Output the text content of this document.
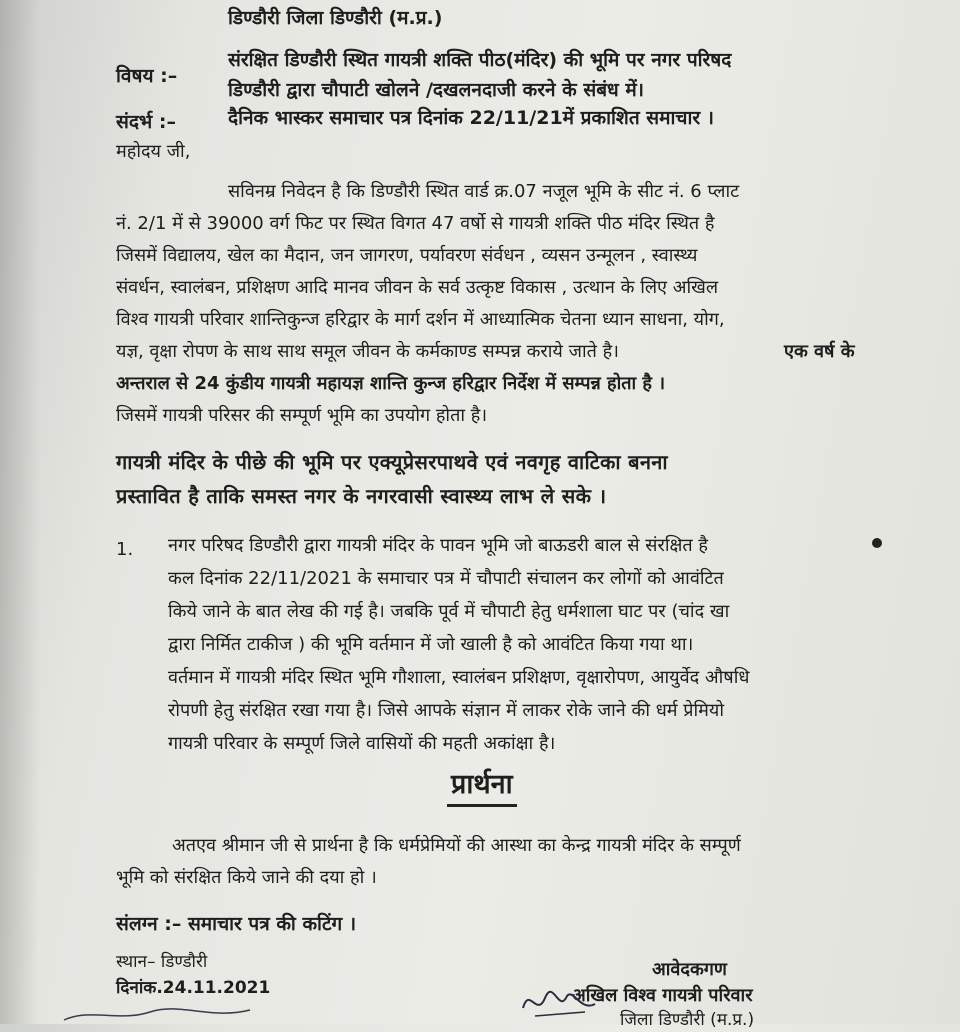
डिण्डौरी जिला डिण्डौरी (म.प्र.)
विषय :–
संरक्षित डिण्डौरी स्थित गायत्री शक्ति पीठ(मंदिर) की भूमि पर नगर परिषद
डिण्डौरी द्वारा चौपाटी खोलने /दखलनदाजी करने के संबंध में।
संदर्भ :–	दैनिक भास्कर समाचार पत्र दिनांक 22/11/21में प्रकाशित समाचार ।
महोदय जी,
सविनम्र निवेदन है कि डिण्डौरी स्थित वार्ड क्र.07 नजूल भूमि के सीट नं. 6 प्लाट
नं. 2/1 में से 39000 वर्ग फिट पर स्थित विगत 47 वर्षो से गायत्री शक्ति पीठ मंदिर स्थित है
जिसमें विद्यालय, खेल का मैदान, जन जागरण, पर्यावरण संर्वधन , व्यसन उन्मूलन , स्वास्थ्य
संवर्धन, स्वालंबन, प्रशिक्षण आदि मानव जीवन के सर्व उत्कृष्ट विकास , उत्थान के लिए अखिल
विश्व गायत्री परिवार शान्तिकुन्ज हरिद्वार के मार्ग दर्शन में आध्यात्मिक चेतना ध्यान साधना, योग,
यज्ञ, वृक्षा रोपण के साथ साथ समूल जीवन के कर्मकाण्ड सम्पन्न कराये जाते है।	एक वर्ष के
अन्तराल से 24 कुंडीय गायत्री महायज्ञ शान्ति कुन्ज हरिद्वार निर्देश में सम्पन्न होता है ।
जिसमें गायत्री परिसर की सम्पूर्ण भूमि का उपयोग होता है।
गायत्री मंदिर के पीछे की भूमि पर एक्यूप्रेसरपाथवे एवं नवगृह वाटिका बनना
प्रस्तावित है ताकि समस्त नगर के नगरवासी स्वास्थ्य लाभ ले सके ।
1. नगर परिषद डिण्डौरी द्वारा गायत्री मंदिर के पावन भूमि जो बाऊडरी बाल से संरक्षित है
कल दिनांक 22/11/2021 के समाचार पत्र में चौपाटी संचालन कर लोगों को आवंटित
किये जाने के बात लेख की गई है। जबकि पूर्व में चौपाटी हेतु धर्मशाला घाट पर (चांद खा
द्वारा निर्मित टाकीज ) की भूमि वर्तमान में जो खाली है को आवंटित किया गया था।
वर्तमान में गायत्री मंदिर स्थित भूमि गौशाला, स्वालंबन प्रशिक्षण, वृक्षारोपण, आयुर्वेद औषधि
रोपणी हेतु संरक्षित रखा गया है। जिसे आपके संज्ञान में लाकर रोके जाने की धर्म प्रेमियो
गायत्री परिवार के सम्पूर्ण जिले वासियों की महती अकांक्षा है।
प्रार्थना
अतएव श्रीमान जी से प्रार्थना है कि धर्मप्रेमियों की आस्था का केन्द्र गायत्री मंदिर के सम्पूर्ण
भूमि को संरक्षित किये जाने की दया हो ।
संलग्न :– समाचार पत्र की कटिंग ।
स्थान– डिण्डौरी
दिनांक.24.11.2021
आवेदकगण
अखिल विश्व गायत्री परिवार
जिला डिण्डौरी (म.प्र.)
